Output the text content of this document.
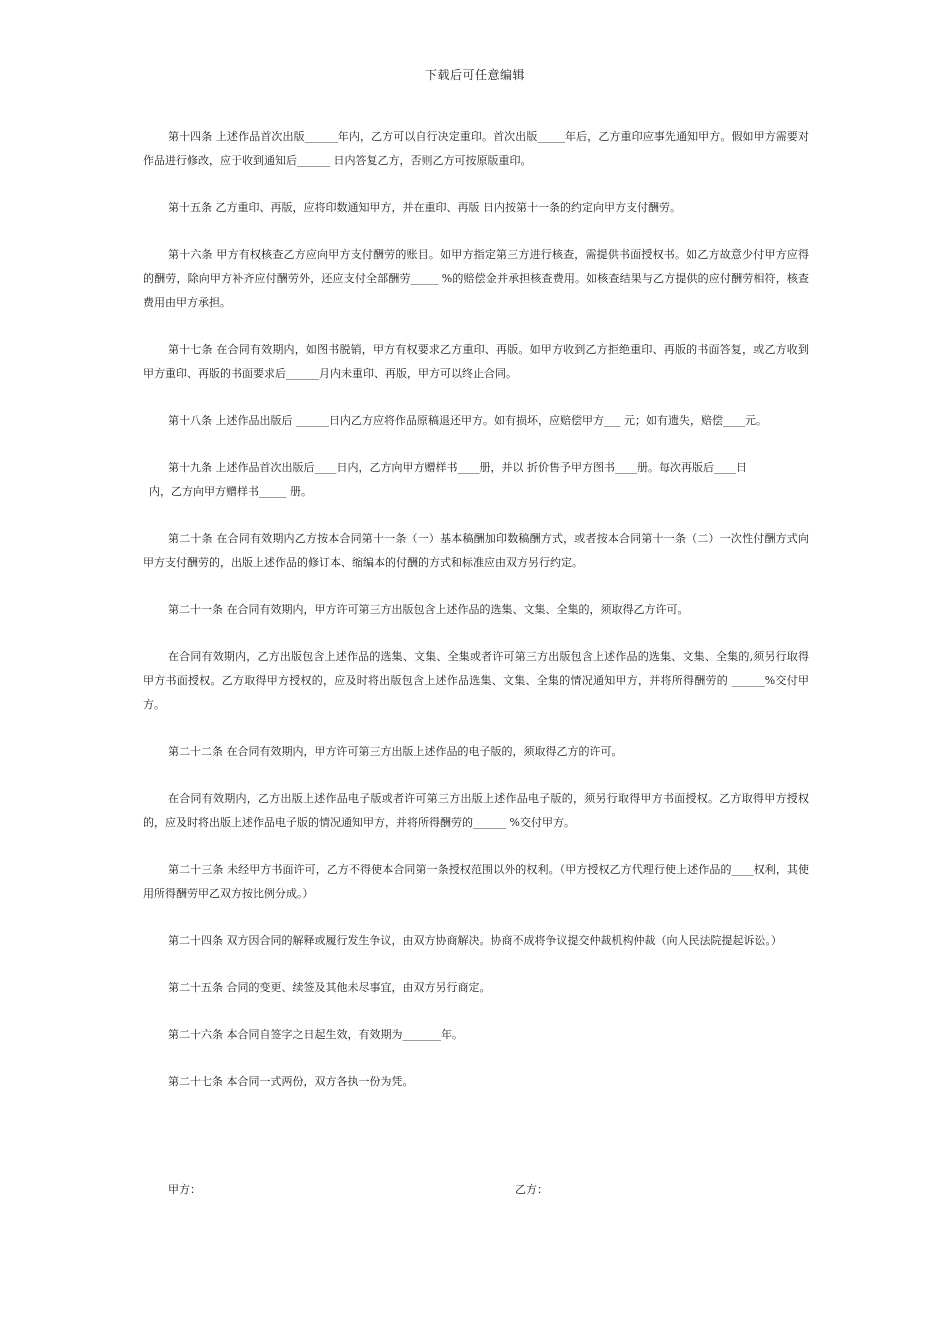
下载后可任意编辑

第十四条 上述作品首次出版______年内，乙方可以自行决定重印。首次出版_____年后，乙方重印应事先通知甲方。假如甲方需要对作品进行修改，应于收到通知后______ 日内答复乙方，否则乙方可按原版重印。

第十五条 乙方重印、再版，应将印数通知甲方，并在重印、再版 日内按第十一条的约定向甲方支付酬劳。

第十六条 甲方有权核查乙方应向甲方支付酬劳的账目。如甲方指定第三方进行核查，需提供书面授权书。如乙方故意少付甲方应得的酬劳，除向甲方补齐应付酬劳外，还应支付全部酬劳_____ %的赔偿金并承担核查费用。如核查结果与乙方提供的应付酬劳相符，核查费用由甲方承担。

第十七条 在合同有效期内，如图书脱销，甲方有权要求乙方重印、再版。如甲方收到乙方拒绝重印、再版的书面答复，或乙方收到甲方重印、再版的书面要求后______月内未重印、再版，甲方可以终止合同。

第十八条 上述作品出版后 ______日内乙方应将作品原稿退还甲方。如有损坏，应赔偿甲方___ 元；如有遗失，赔偿____元。

第十九条 上述作品首次出版后____日内，乙方向甲方赠样书____册，并以 折价售予甲方图书____册。每次再版后____日
内，乙方向甲方赠样书_____ 册。

第二十条 在合同有效期内乙方按本合同第十一条（一）基本稿酬加印数稿酬方式，或者按本合同第十一条（二）一次性付酬方式向甲方支付酬劳的，出版上述作品的修订本、缩编本的付酬的方式和标准应由双方另行约定。

第二十一条 在合同有效期内，甲方许可第三方出版包含上述作品的选集、文集、全集的，须取得乙方许可。

在合同有效期内，乙方出版包含上述作品的选集、文集、全集或者许可第三方出版包含上述作品的选集、文集、全集的,须另行取得甲方书面授权。乙方取得甲方授权的，应及时将出版包含上述作品选集、文集、全集的情况通知甲方，并将所得酬劳的 ______%交付甲方。

第二十二条 在合同有效期内，甲方许可第三方出版上述作品的电子版的，须取得乙方的许可。

在合同有效期内，乙方出版上述作品电子版或者许可第三方出版上述作品电子版的，须另行取得甲方书面授权。乙方取得甲方授权的，应及时将出版上述作品电子版的情况通知甲方，并将所得酬劳的______ %交付甲方。

第二十三条 未经甲方书面许可，乙方不得使本合同第一条授权范围以外的权利。（甲方授权乙方代理行使上述作品的____权利，其使用所得酬劳甲乙双方按比例分成。）

第二十四条 双方因合同的解释或履行发生争议，由双方协商解决。协商不成将争议提交仲裁机构仲裁（向人民法院提起诉讼。）

第二十五条 合同的变更、续签及其他未尽事宜，由双方另行商定。

第二十六条 本合同自签字之日起生效，有效期为_______年。

第二十七条 本合同一式两份，双方各执一份为凭。

甲方：	乙方：
